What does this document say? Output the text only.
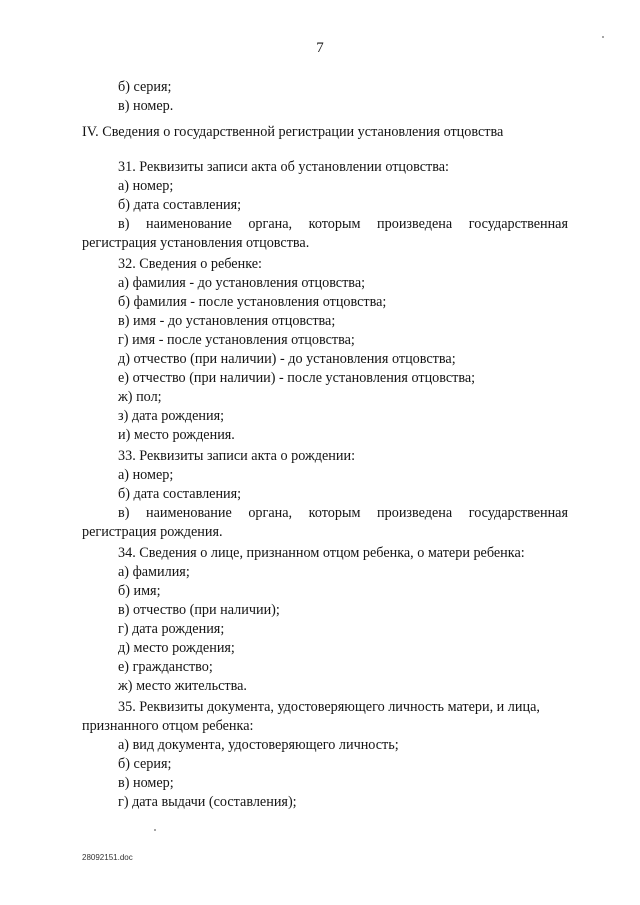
7
б) серия;
в) номер.
IV. Сведения о государственной регистрации установления отцовства
31. Реквизиты записи акта об установлении отцовства:
а) номер;
б) дата составления;
в) наименование органа, которым произведена государственная
регистрация установления отцовства.
32. Сведения о ребенке:
а) фамилия - до установления отцовства;
б) фамилия - после установления отцовства;
в) имя - до установления отцовства;
г) имя - после установления отцовства;
д) отчество (при наличии) - до установления отцовства;
е) отчество (при наличии) - после установления отцовства;
ж) пол;
з) дата рождения;
и) место рождения.
33. Реквизиты записи акта о рождении:
а) номер;
б) дата составления;
в) наименование органа, которым произведена государственная
регистрация рождения.
34. Сведения о лице, признанном отцом ребенка, о матери ребенка:
а) фамилия;
б) имя;
в) отчество (при наличии);
г) дата рождения;
д) место рождения;
е) гражданство;
ж) место жительства.
35. Реквизиты документа, удостоверяющего личность матери, и лица,
признанного отцом ребенка:
а) вид документа, удостоверяющего личность;
б) серия;
в) номер;
г) дата выдачи (составления);
28092151.doc
